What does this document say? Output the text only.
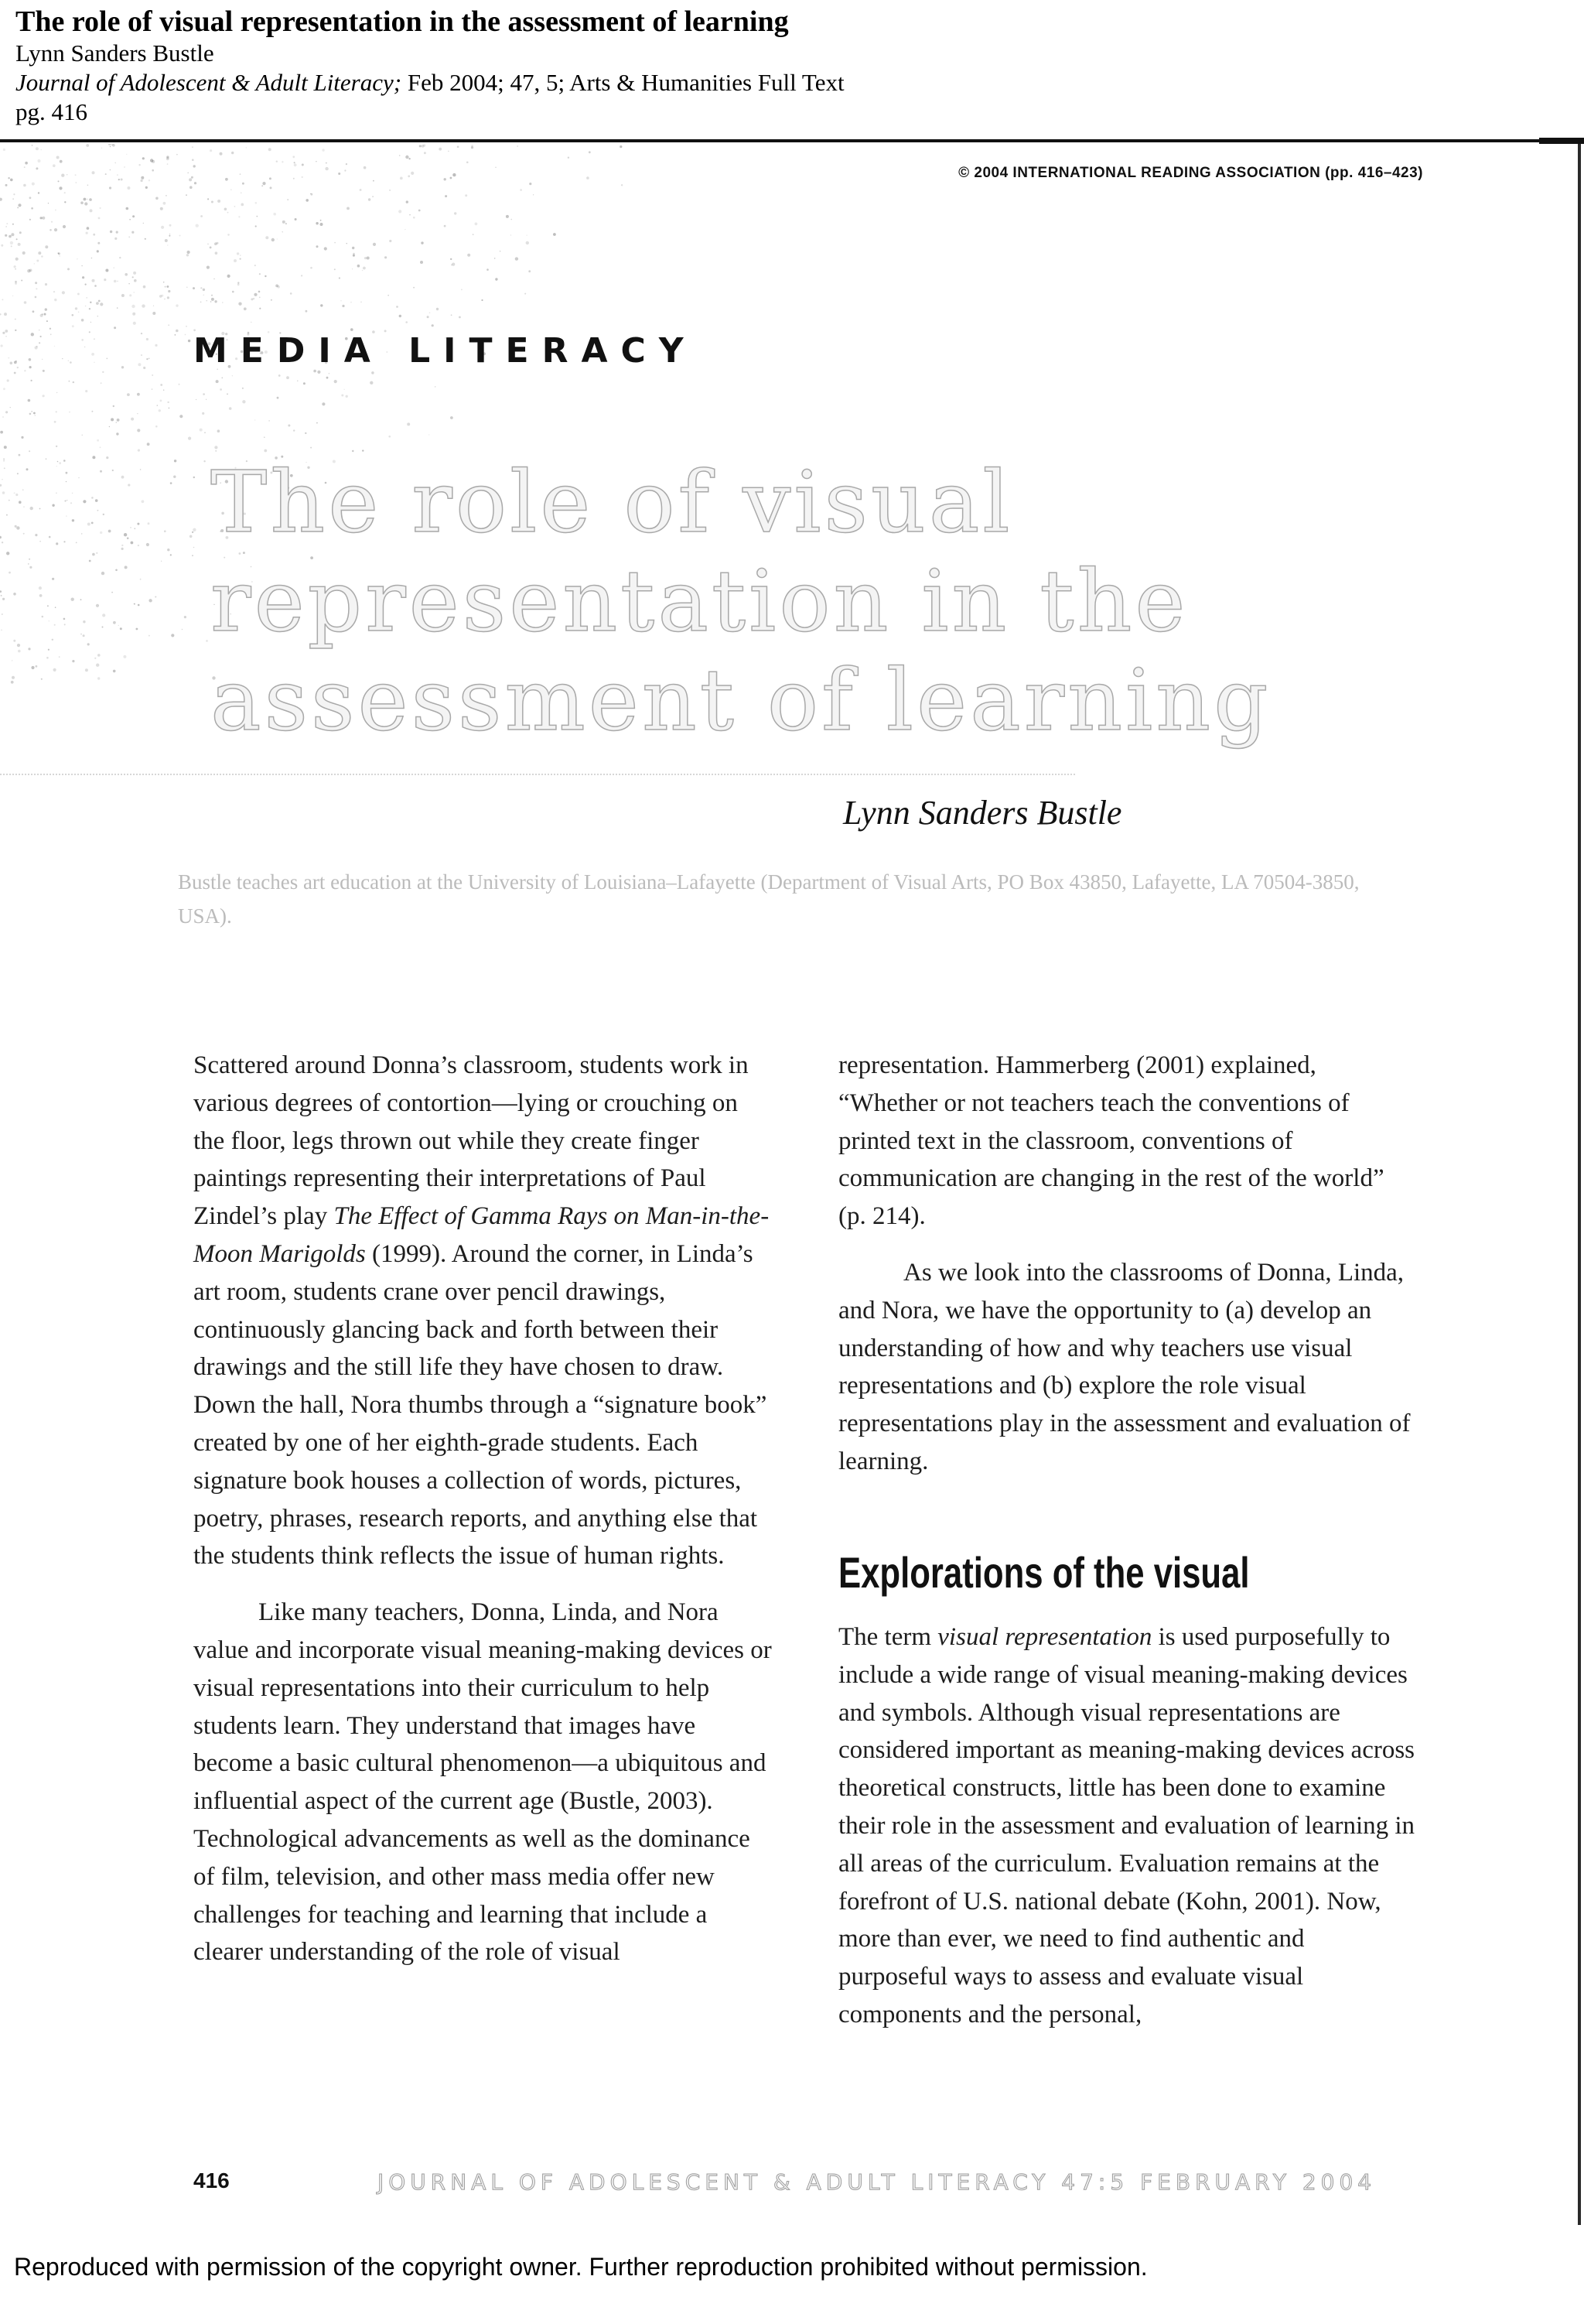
The role of visual representation in the assessment of learning
Lynn Sanders Bustle
Journal of Adolescent & Adult Literacy; Feb 2004; 47, 5; Arts & Humanities Full Text
pg. 416
© 2004 INTERNATIONAL READING ASSOCIATION (pp. 416–423)
MEDIA LITERACY
The role of visual
representation in the
assessment of learning
Lynn Sanders Bustle
Bustle teaches art education at the University of Louisiana–Lafayette (Department of Visual Arts, PO Box 43850, Lafayette, LA 70504-3850, USA).

Scattered around Donna’s classroom, students work in various degrees of contortion—lying or crouching on the floor, legs thrown out while they create finger paintings representing their interpretations of Paul Zindel’s play The Effect of Gamma Rays on Man-in-the-Moon Marigolds (1999). Around the corner, in Linda’s art room, students crane over pencil drawings, continuously glancing back and forth between their drawings and the still life they have chosen to draw. Down the hall, Nora thumbs through a “signature book” created by one of her eighth-grade students. Each signature book houses a collection of words, pictures, poetry, phrases, research reports, and anything else that the students think reflects the issue of human rights.

Like many teachers, Donna, Linda, and Nora value and incorporate visual meaning-making devices or visual representations into their curriculum to help students learn. They understand that images have become a basic cultural phenomenon—a ubiquitous and influential aspect of the current age (Bustle, 2003). Technological advancements as well as the dominance of film, television, and other mass media offer new challenges for teaching and learning that include a clearer understanding of the role of visual

representation. Hammerberg (2001) explained, “Whether or not teachers teach the conventions of printed text in the classroom, conventions of communication are changing in the rest of the world” (p. 214).

As we look into the classrooms of Donna, Linda, and Nora, we have the opportunity to (a) develop an understanding of how and why teachers use visual representations and (b) explore the role visual representations play in the assessment and evaluation of learning.

Explorations of the visual

The term visual representation is used purposefully to include a wide range of visual meaning-making devices and symbols. Although visual representations are considered important as meaning-making devices across theoretical constructs, little has been done to examine their role in the assessment and evaluation of learning in all areas of the curriculum. Evaluation remains at the forefront of U.S. national debate (Kohn, 2001). Now, more than ever, we need to find authentic and purposeful ways to assess and evaluate visual components and the personal,

416	JOURNAL OF ADOLESCENT & ADULT LITERACY 47:5 FEBRUARY 2004
Reproduced with permission of the copyright owner. Further reproduction prohibited without permission.
